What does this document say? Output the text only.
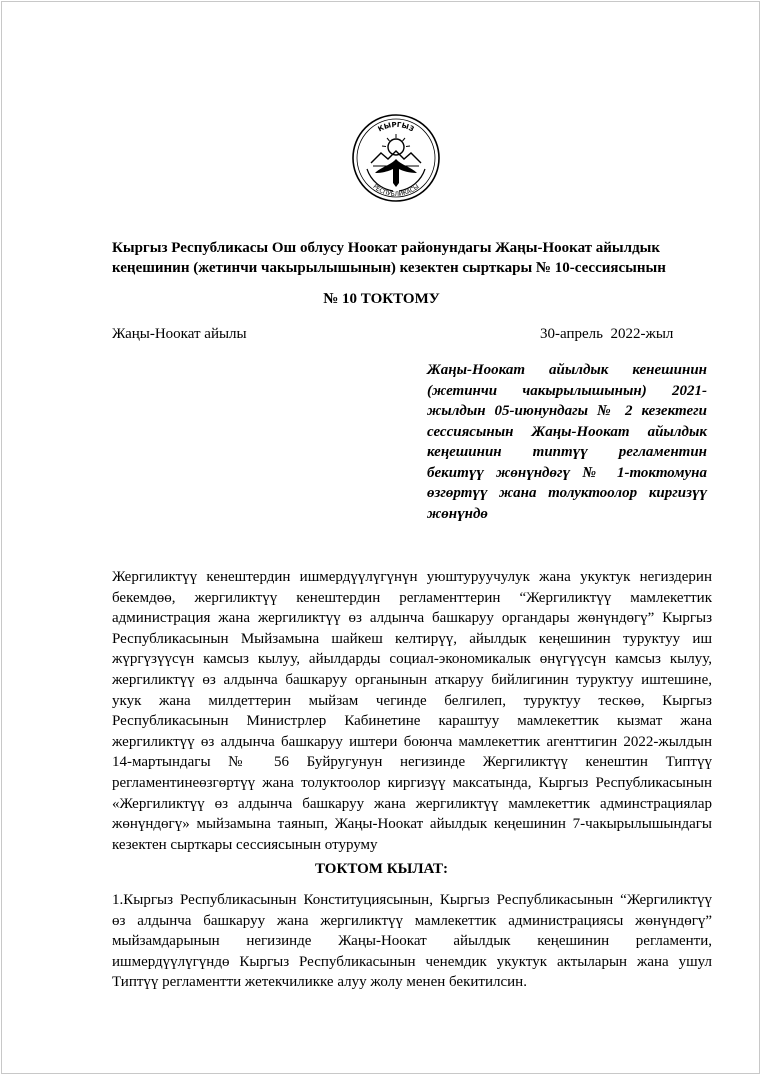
КЫРГЫЗ
РЕСПУБЛИКАСЫ
Кыргыз Республикасы Ош облусу Ноокат районундагы Жаңы-Ноокат айылдык
кеңешинин (жетинчи чакырылышынын) кезектен сырткары № 10-сессиясынын
№ 10 ТОКТОМУ
Жаңы-Ноокат айылы	30-апрель  2022-жыл
Жаңы-Ноокат айылдык кенешинин (жетинчи чакырылышынын) 2021-жылдын 05-июнундагы № 2 кезектеги сессиясынын Жаңы-Ноокат айылдык кеңешинин типтүү регламентин бекитүү жөнүндөгү № 1-токтомуна өзгөртүү жана толуктоолор киргизүү жөнүндө
Жергиликтүү кенештердин ишмердүүлүгүнүн уюштуруучулук жана укуктук негиздерин бекемдөө, жергиликтүү кенештердин регламенттерин “Жергиликтүү мамлекеттик администрация жана жергиликтүү өз алдынча башкаруу органдары жөнүндөгү” Кыргыз Республикасынын Мыйзамына шайкеш келтирүү, айылдык кеңешинин туруктуу иш жүргүзүүсүн камсыз кылуу, айылдарды социал-экономикалык өнүгүүсүн камсыз кылуу, жергиликтүү өз алдынча башкаруу органынын аткаруу бийлигинин туруктуу иштешине, укук жана милдеттерин мыйзам чегинде белгилеп, туруктуу тескөө, Кыргыз Республикасынын Министрлер Кабинетине караштуу мамлекеттик кызмат жана жергиликтүү өз алдынча башкаруу иштери боюнча мамлекеттик агенттигин 2022-жылдын 14-мартындагы № 56 Буйругунун негизинде Жергиликтүү кенештин Типтүү регламентинеөзгөртүү жана толуктоолор киргизүү максатында, Кыргыз Республикасынын «Жергиликтүү өз алдынча башкаруу жана жергиликтүү мамлекеттик админстрациялар жөнүндөгү» мыйзамына таянып, Жаңы-Ноокат айылдык кеңешинин 7-чакырылышындагы кезектен сырткары сессиясынын отуруму
ТОКТОМ КЫЛАТ:
1.Кыргыз Республикасынын Конституциясынын, Кыргыз Республикасынын “Жергиликтүү өз алдынча башкаруу жана жергиликтүү мамлекеттик администрациясы жөнүндөгү” мыйзамдарынын негизинде Жаңы-Ноокат айылдык кеңешинин регламенти, ишмердүүлүгүндө Кыргыз Республикасынын ченемдик укуктук актыларын жана ушул Типтүү регламентти жетекчиликке алуу жолу менен бекитилсин.
